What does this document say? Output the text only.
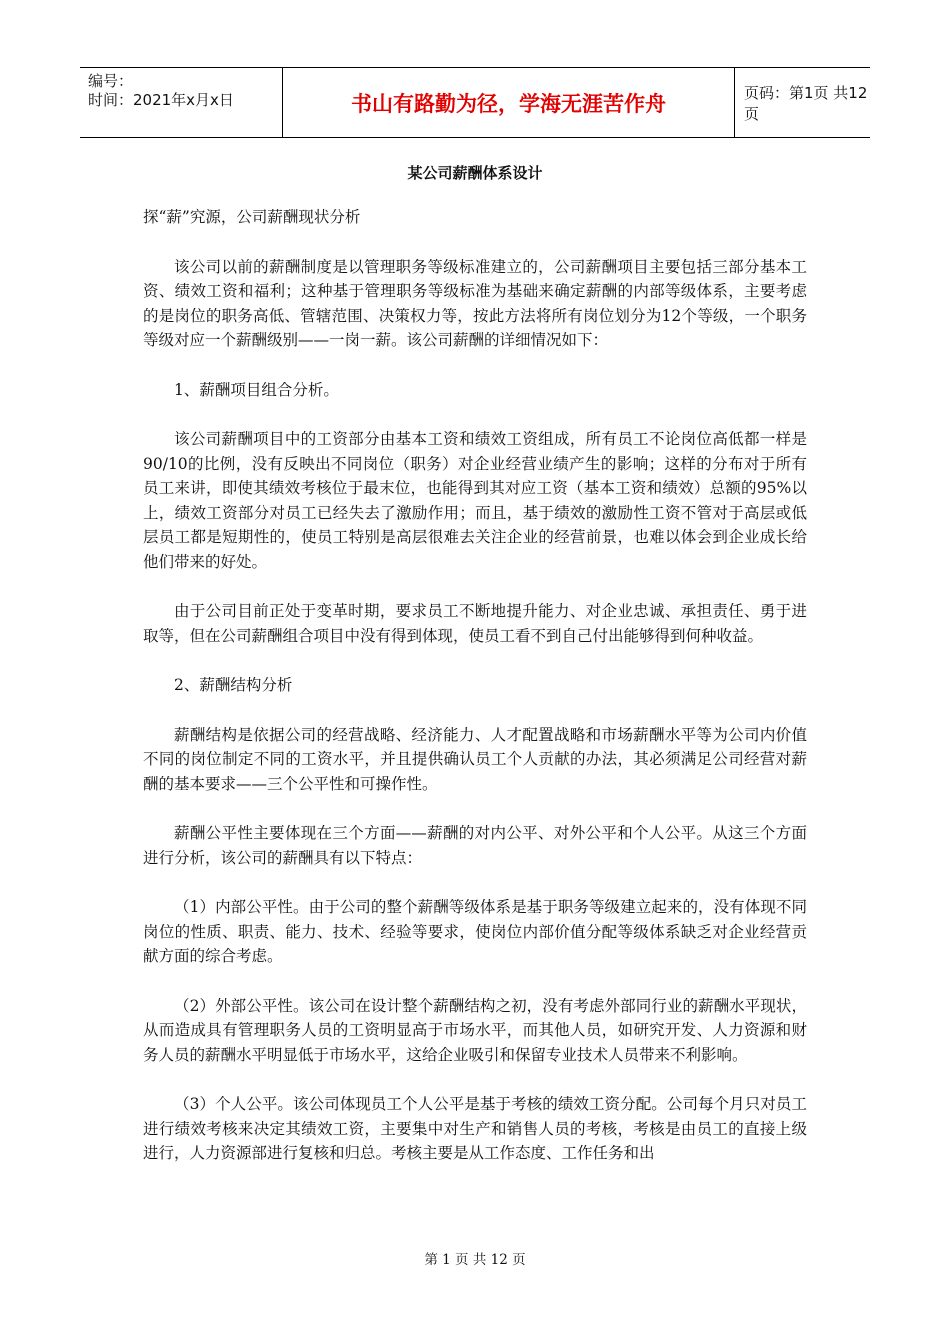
编号：
时间：2021年x月x日	书山有路勤为径，学海无涯苦作舟	页码：第1页 共12页
某公司薪酬体系设计

探“薪”究源，公司薪酬现状分析

该公司以前的薪酬制度是以管理职务等级标准建立的，公司薪酬项目主要包括三部分基本工资、绩效工资和福利；这种基于管理职务等级标准为基础来确定薪酬的内部等级体系，主要考虑的是岗位的职务高低、管辖范围、决策权力等，按此方法将所有岗位划分为12个等级，一个职务等级对应一个薪酬级别——一岗一薪。该公司薪酬的详细情况如下：

1、薪酬项目组合分析。

该公司薪酬项目中的工资部分由基本工资和绩效工资组成，所有员工不论岗位高低都一样是90/10的比例，没有反映出不同岗位（职务）对企业经营业绩产生的影响；这样的分布对于所有员工来讲，即使其绩效考核位于最末位，也能得到其对应工资（基本工资和绩效）总额的95%以上，绩效工资部分对员工已经失去了激励作用；而且，基于绩效的激励性工资不管对于高层或低层员工都是短期性的，使员工特别是高层很难去关注企业的经营前景，也难以体会到企业成长给他们带来的好处。

由于公司目前正处于变革时期，要求员工不断地提升能力、对企业忠诚、承担责任、勇于进取等，但在公司薪酬组合项目中没有得到体现，使员工看不到自己付出能够得到何种收益。

2、薪酬结构分析

薪酬结构是依据公司的经营战略、经济能力、人才配置战略和市场薪酬水平等为公司内价值不同的岗位制定不同的工资水平，并且提供确认员工个人贡献的办法，其必须满足公司经营对薪酬的基本要求——三个公平性和可操作性。

薪酬公平性主要体现在三个方面——薪酬的对内公平、对外公平和个人公平。从这三个方面进行分析，该公司的薪酬具有以下特点：

（1）内部公平性。由于公司的整个薪酬等级体系是基于职务等级建立起来的，没有体现不同岗位的性质、职责、能力、技术、经验等要求，使岗位内部价值分配等级体系缺乏对企业经营贡献方面的综合考虑。

（2）外部公平性。该公司在设计整个薪酬结构之初，没有考虑外部同行业的薪酬水平现状，从而造成具有管理职务人员的工资明显高于市场水平，而其他人员，如研究开发、人力资源和财务人员的薪酬水平明显低于市场水平，这给企业吸引和保留专业技术人员带来不利影响。

（3）个人公平。该公司体现员工个人公平是基于考核的绩效工资分配。公司每个月只对员工进行绩效考核来决定其绩效工资，主要集中对生产和销售人员的考核，考核是由员工的直接上级进行，人力资源部进行复核和归总。考核主要是从工作态度、工作任务和出

第 1 页 共 12 页
